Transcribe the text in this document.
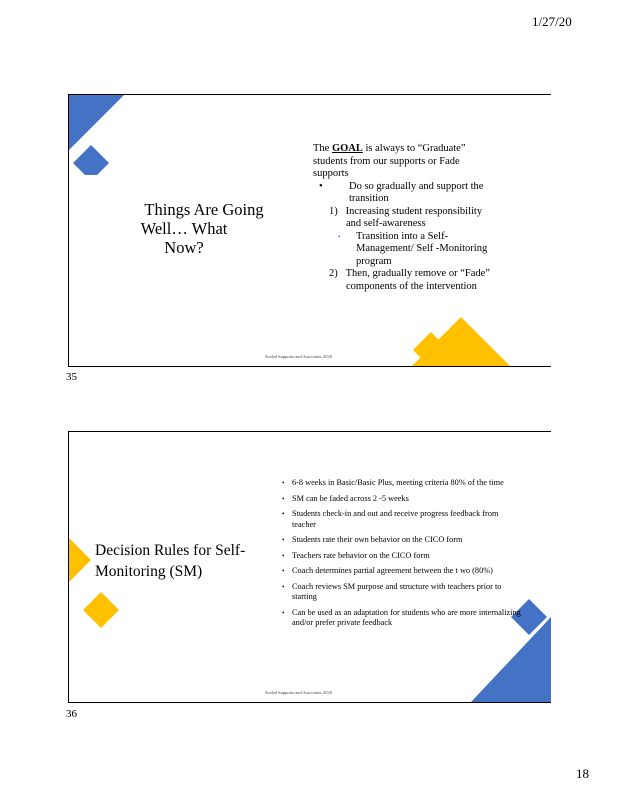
1/27/20
Things Are Going
Well… What
Now?
The GOAL is always to “Graduate”
students from our supports or Fade
supports
•	Do so gradually and support the
transition
1)   Increasing student responsibility
and self-awareness
• Transition into a Self-
Management/ Self -Monitoring
program
2)   Then, gradually remove or “Fade”
components of the intervention
Scaled Supports and Associates 2020
35
Decision Rules for Self-
Monitoring (SM)
• 6-8 weeks in Basic/Basic Plus, meeting criteria 80% of the time
• SM can be faded across 2 -5 weeks
• Students check-in and out and receive progress feedback from teacher
• Students rate their own behavior on the CICO form
• Teachers rate behavior on the CICO form
• Coach determines partial agreement between the t wo (80%)
• Coach reviews SM purpose and structure with teachers prior to starting
• Can be used as an adaptation for students who are more internalizing and/or prefer private feedback
Scaled Supports and Associates 2020
36
18
